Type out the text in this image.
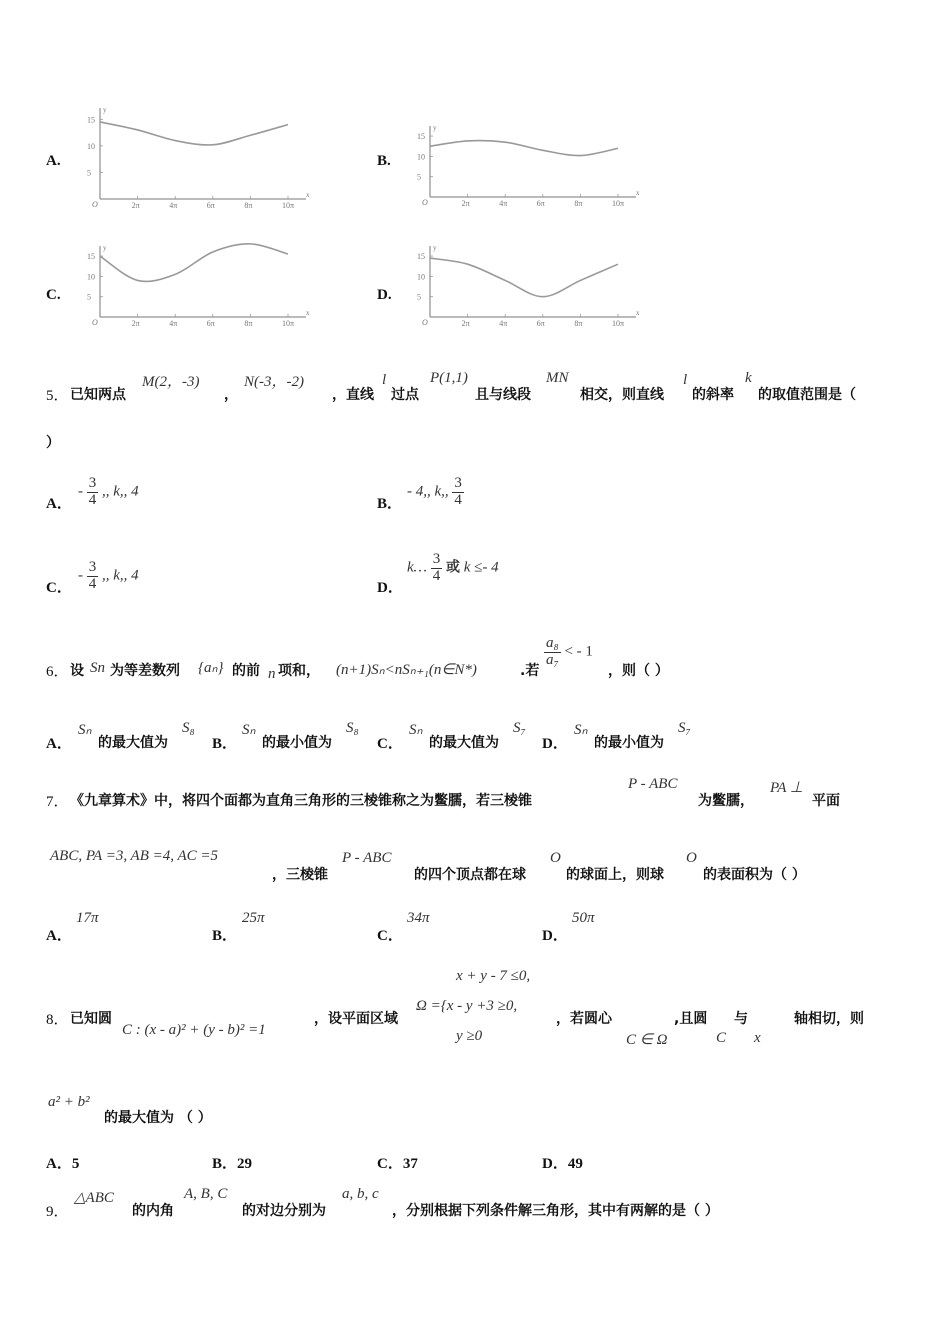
A.	B.
C.	D.
y
x
O
15
10
5
2π	4π	6π	8π	10π
y
x
O
15
10
5
2π	4π	6π	8π	10π
y
x
O
15
10
5
2π	4π	6π	8π	10π
y
x
O
15
10
5
2π	4π	6π	8π	10π
5． 已知两点
M(2，-3)
，
N(-3，-2)
，直线
l
过点
P(1,1)
且与线段
MN
相交，则直线
l
的斜率
k
的取值范围是（
）
A．
- $\frac{3}{4}$ ,, k,, 4
B．
- 4,, k,, $\frac{3}{4}$
C．
- $\frac{3}{4}$ ,, k,, 4
D．
k… $\frac{3}{4}$ 或 k ≤- 4
6． 设 Sn 为等差数列 {aₙ} 的前 n 项和， (n+1)Sₙ<nSₙ₊₁(n∈N*)	.若
$\frac{\text{a₈}}{\text{a₇}}$ < - 1
，则（ ）
A．
Sₙ
的最大值为
S₈
B．
Sₙ
的最小值为
S₈
C．
Sₙ
的最大值为
S₇
D．
Sₙ
的最小值为
S₇
7． 《九章算术》中，将四个面都为直角三角形的三棱锥称之为鳖臑，若三棱锥
P - ABC
为鳖臑，
PA ⊥
平面
ABC, PA =3, AB =4, AC =5
，三棱锥
P - ABC
的四个顶点都在球
O
的球面上，则球
O
的表面积为（ ）
A．
17π
B．
25π
C．
34π
D．
50π
8． 已知圆
C : (x - a)² + (y - b)² =1
，设平面区域
x + y - 7 ≤0,
Ω ={x - y +3 ≥0,
y ≥0
，若圆心
C ∈ Ω
,且圆
C
与
x
轴相切，则
a² + b²
的最大值为 （ ）
A．5	B．29	C．37	D．49
9．
△ABC
的内角
A, B, C
的对边分别为
a, b, c
，分别根据下列条件解三角形，其中有两解的是（ ）
